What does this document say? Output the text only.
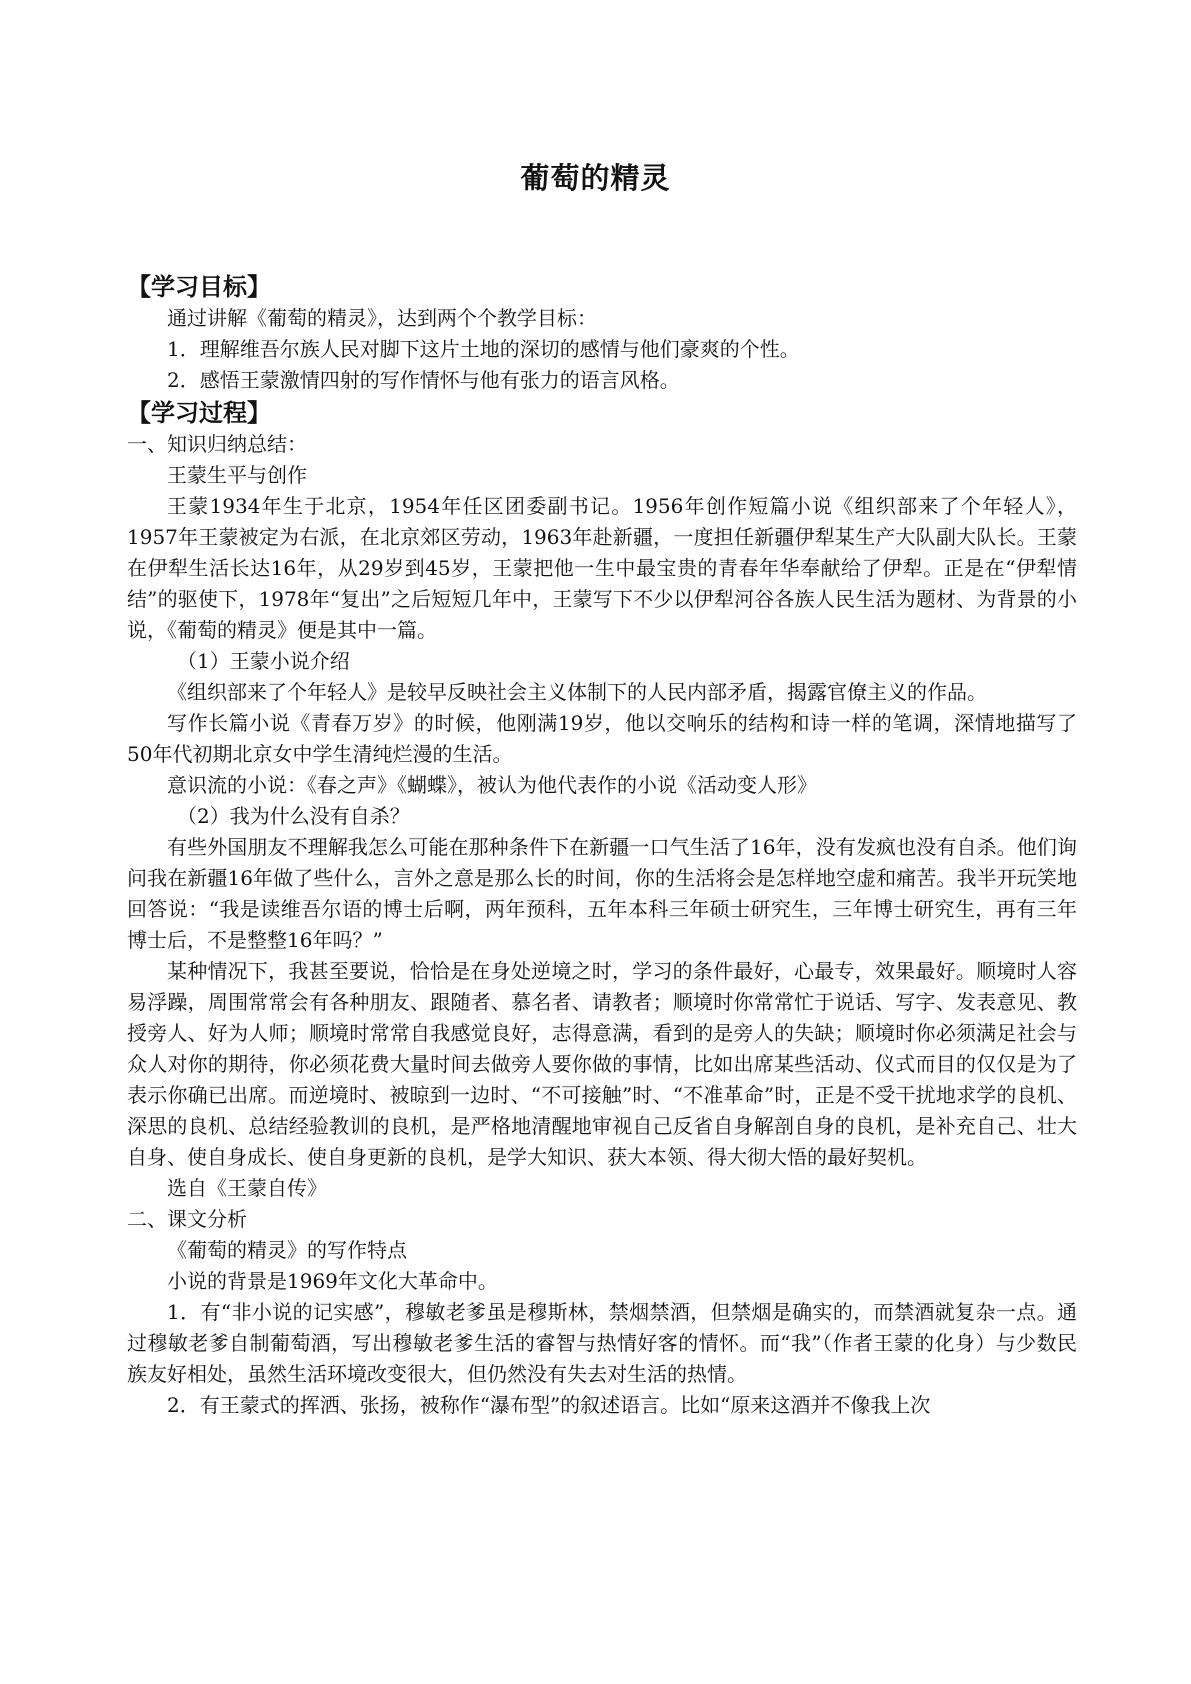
葡萄的精灵

【学习目标】

通过讲解《葡萄的精灵》，达到两个个教学目标：

1．理解维吾尔族人民对脚下这片土地的深切的感情与他们豪爽的个性。

2．感悟王蒙激情四射的写作情怀与他有张力的语言风格。

【学习过程】

一、知识归纳总结：

王蒙生平与创作

王蒙1934年生于北京，1954年任区团委副书记。1956年创作短篇小说《组织部来了个年轻人》，1957年王蒙被定为右派，在北京郊区劳动，1963年赴新疆，一度担任新疆伊犁某生产大队副大队长。王蒙在伊犁生活长达16年，从29岁到45岁，王蒙把他一生中最宝贵的青春年华奉献给了伊犁。正是在“伊犁情结”的驱使下，1978年“复出”之后短短几年中，王蒙写下不少以伊犁河谷各族人民生活为题材、为背景的小说，《葡萄的精灵》便是其中一篇。

（1）王蒙小说介绍

《组织部来了个年轻人》是较早反映社会主义体制下的人民内部矛盾，揭露官僚主义的作品。

写作长篇小说《青春万岁》的时候，他刚满19岁，他以交响乐的结构和诗一样的笔调，深情地描写了50年代初期北京女中学生清纯烂漫的生活。

意识流的小说：《春之声》《蝴蝶》，被认为他代表作的小说《活动变人形》

（2）我为什么没有自杀？

有些外国朋友不理解我怎么可能在那种条件下在新疆一口气生活了16年，没有发疯也没有自杀。他们询问我在新疆16年做了些什么，言外之意是那么长的时间，你的生活将会是怎样地空虚和痛苦。我半开玩笑地回答说：“我是读维吾尔语的博士后啊，两年预科，五年本科三年硕士研究生，三年博士研究生，再有三年博士后，不是整整16年吗？”

某种情况下，我甚至要说，恰恰是在身处逆境之时，学习的条件最好，心最专，效果最好。顺境时人容易浮躁，周围常常会有各种朋友、跟随者、慕名者、请教者；顺境时你常常忙于说话、写字、发表意见、教授旁人、好为人师；顺境时常常自我感觉良好，志得意满，看到的是旁人的失缺；顺境时你必须满足社会与众人对你的期待，你必须花费大量时间去做旁人要你做的事情，比如出席某些活动、仪式而目的仅仅是为了表示你确已出席。而逆境时、被晾到一边时、“不可接触”时、“不准革命”时，正是不受干扰地求学的良机、深思的良机、总结经验教训的良机，是严格地清醒地审视自己反省自身解剖自身的良机，是补充自己、壮大自身、使自身成长、使自身更新的良机，是学大知识、获大本领、得大彻大悟的最好契机。

选自《王蒙自传》

二、课文分析

《葡萄的精灵》的写作特点

小说的背景是1969年文化大革命中。

1．有“非小说的记实感”，穆敏老爹虽是穆斯林，禁烟禁酒，但禁烟是确实的，而禁酒就复杂一点。通过穆敏老爹自制葡萄酒，写出穆敏老爹生活的睿智与热情好客的情怀。而“我”（作者王蒙的化身）与少数民族友好相处，虽然生活环境改变很大，但仍然没有失去对生活的热情。

2．有王蒙式的挥洒、张扬，被称作“瀑布型”的叙述语言。比如“原来这酒并不像我上次
